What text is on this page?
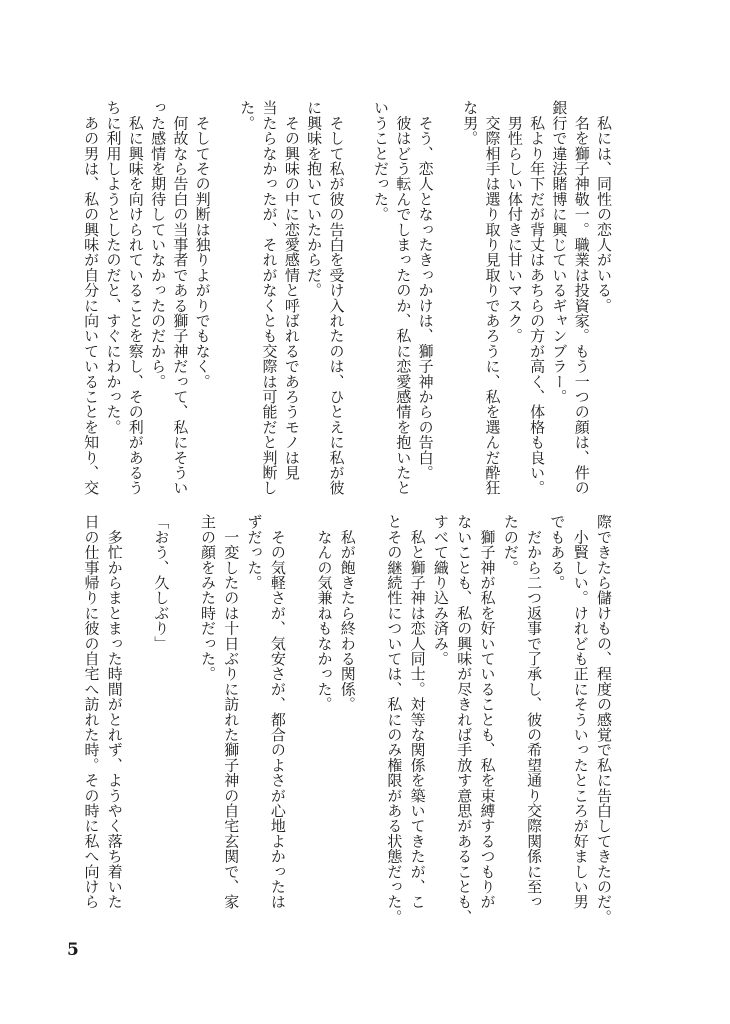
　私には、同性の恋人がいる。
　名を獅子神敬一。職業は投資家。もう一つの顔は、件の
銀行で違法賭博に興じているギャンブラー。
　私より年下だが背丈はあちらの方が高く、体格も良い。
　男性らしい体付きに甘いマスク。
　交際相手は選り取り見取りであろうに、私を選んだ酔狂
な男。
　そう、恋人となったきっかけは、獅子神からの告白。
　彼はどう転んでしまったのか、私に恋愛感情を抱いたと
いうことだった。
　そして私が彼の告白を受け入れたのは、ひとえに私が彼
に興味を抱いていたからだ。
　その興味の中に恋愛感情と呼ばれるであろうモノは見
当たらなかったが、それがなくとも交際は可能だと判断し
た。
　そしてその判断は独りよがりでもなく。
　何故なら告白の当事者である獅子神だって、私にそうい
った感情を期待していなかったのだから。
　私に興味を向けられていることを察し、その利があるう
ちに利用しようとしたのだと、すぐにわかった。
　あの男は、私の興味が自分に向いていることを知り、交
際できたら儲けもの、程度の感覚で私に告白してきたのだ。
　小賢しい。けれども正にそういったところが好ましい男
でもある。
　だから二つ返事で了承し、彼の希望通り交際関係に至っ
たのだ。
　獅子神が私を好いていることも、私を束縛するつもりが
ないことも、私の興味が尽きれば手放す意思があることも、
すべて織り込み済み。
　私と獅子神は恋人同士。対等な関係を築いてきたが、こ
とその継続性については、私にのみ権限がある状態だった。
　私が飽きたら終わる関係。
　なんの気兼ねもなかった。
　その気軽さが、気安さが、都合のよさが心地よかったは
ずだった。
　一変したのは十日ぶりに訪れた獅子神の自宅玄関で、家
主の顔をみた時だった。
「おう、久しぶり」
　多忙からまとまった時間がとれず、ようやく落ち着いた
日の仕事帰りに彼の自宅へ訪れた時。その時に私へ向けら
5
